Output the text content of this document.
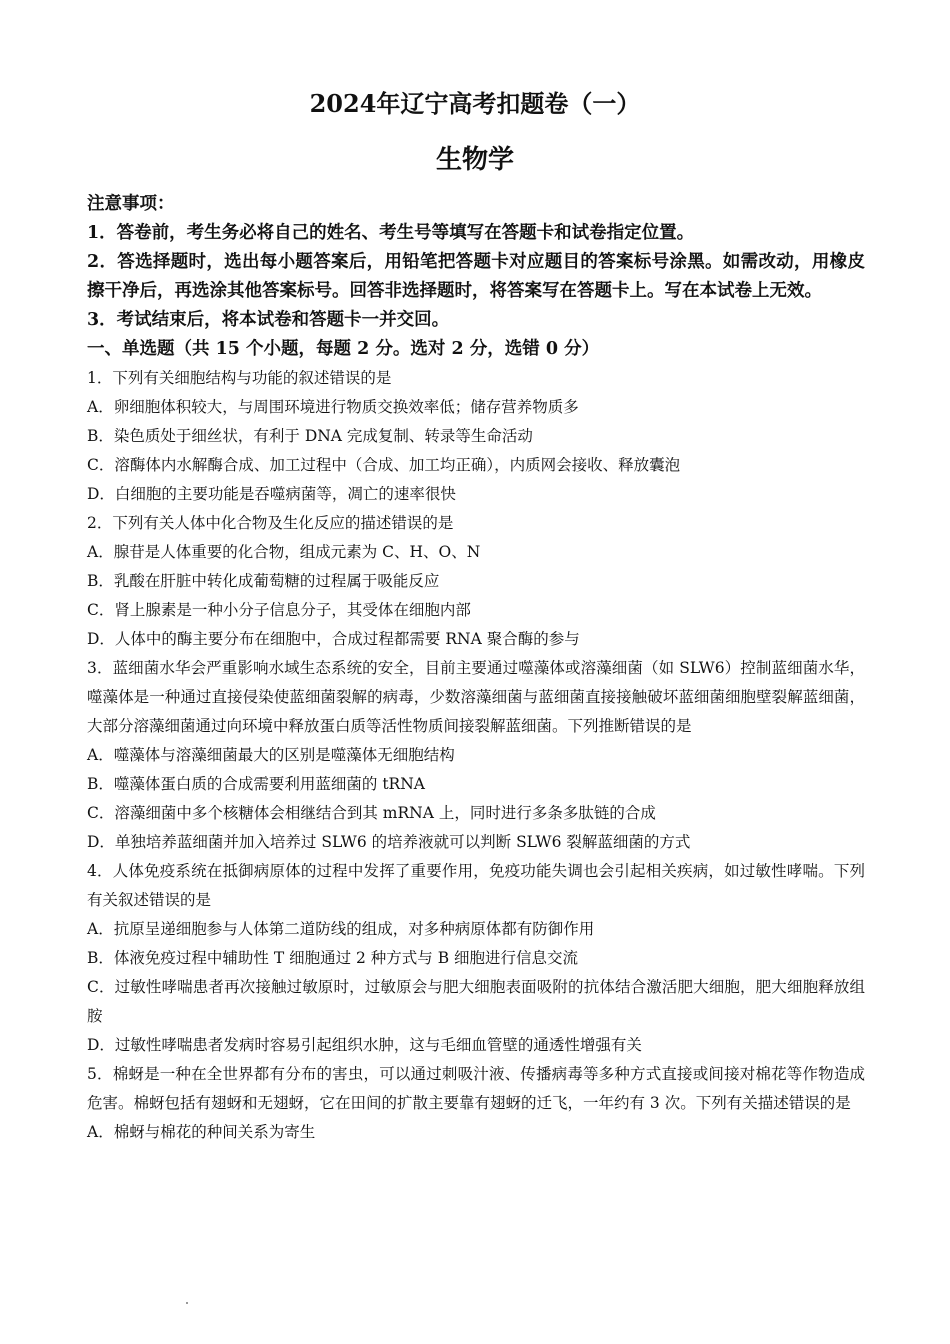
2024年辽宁高考扣题卷（一）
生物学

注意事项：

1．答卷前，考生务必将自己的姓名、考生号等填写在答题卡和试卷指定位置。

2．答选择题时，选出每小题答案后，用铅笔把答题卡对应题目的答案标号涂黑。如需改动，用橡皮擦干净后，再选涂其他答案标号。回答非选择题时，将答案写在答题卡上。写在本试卷上无效。

3．考试结束后，将本试卷和答题卡一并交回。

一、单选题（共 15 个小题，每题 2 分。选对 2 分，选错 0 分）

1．下列有关细胞结构与功能的叙述错误的是

A．卵细胞体积较大，与周围环境进行物质交换效率低；储存营养物质多

B．染色质处于细丝状，有利于 DNA 完成复制、转录等生命活动

C．溶酶体内水解酶合成、加工过程中（合成、加工均正确），内质网会接收、释放囊泡

D．白细胞的主要功能是吞噬病菌等，凋亡的速率很快

2．下列有关人体中化合物及生化反应的描述错误的是

A．腺苷是人体重要的化合物，组成元素为 C、H、O、N

B．乳酸在肝脏中转化成葡萄糖的过程属于吸能反应

C．肾上腺素是一种小分子信息分子，其受体在细胞内部

D．人体中的酶主要分布在细胞中，合成过程都需要 RNA 聚合酶的参与

3．蓝细菌水华会严重影响水域生态系统的安全，目前主要通过噬藻体或溶藻细菌（如 SLW6）控制蓝细菌水华，噬藻体是一种通过直接侵染使蓝细菌裂解的病毒，少数溶藻细菌与蓝细菌直接接触破坏蓝细菌细胞壁裂解蓝细菌，大部分溶藻细菌通过向环境中释放蛋白质等活性物质间接裂解蓝细菌。下列推断错误的是

A．噬藻体与溶藻细菌最大的区别是噬藻体无细胞结构

B．噬藻体蛋白质的合成需要利用蓝细菌的 tRNA

C．溶藻细菌中多个核糖体会相继结合到其 mRNA 上，同时进行多条多肽链的合成

D．单独培养蓝细菌并加入培养过 SLW6 的培养液就可以判断 SLW6 裂解蓝细菌的方式

4．人体免疫系统在抵御病原体的过程中发挥了重要作用，免疫功能失调也会引起相关疾病，如过敏性哮喘。下列有关叙述错误的是

A．抗原呈递细胞参与人体第二道防线的组成，对多种病原体都有防御作用

B．体液免疫过程中辅助性 T 细胞通过 2 种方式与 B 细胞进行信息交流

C．过敏性哮喘患者再次接触过敏原时，过敏原会与肥大细胞表面吸附的抗体结合激活肥大细胞，肥大细胞释放组胺

D．过敏性哮喘患者发病时容易引起组织水肿，这与毛细血管壁的通透性增强有关

5．棉蚜是一种在全世界都有分布的害虫，可以通过刺吸汁液、传播病毒等多种方式直接或间接对棉花等作物造成危害。棉蚜包括有翅蚜和无翅蚜，它在田间的扩散主要靠有翅蚜的迁飞，一年约有 3 次。下列有关描述错误的是

A．棉蚜与棉花的种间关系为寄生
